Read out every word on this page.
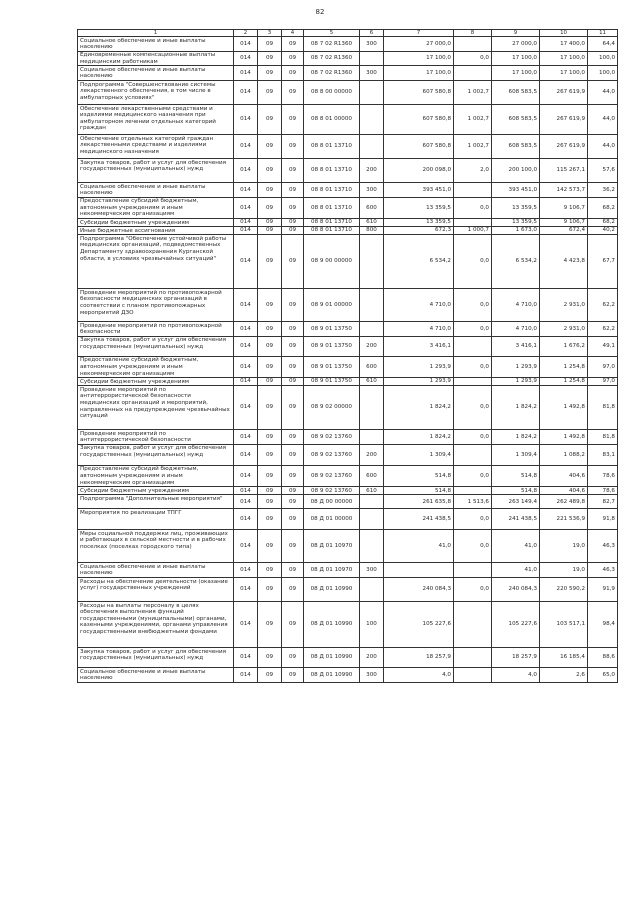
82
1	2	3	4	5	6	7	8	9	10	11
Социальное обеспечение и иные выплаты населению	014	09	09	08 7 02 R1360	300	27 000,0		27 000,0	17 400,0	64,4
Единовременные компенсационные выплаты медицинским работникам	014	09	09	08 7 02 R1360		17 100,0	0,0	17 100,0	17 100,0	100,0
Социальное обеспечение и иные выплаты населению	014	09	09	08 7 02 R1360	300	17 100,0		17 100,0	17 100,0	100,0
Подпрограмма "Совершенствование системы лекарственного обеспечения, в том числе в амбулаторных условиях"	014	09	09	08 8 00 00000		607 580,8	1 002,7	608 583,5	267 619,9	44,0
Обеспечение лекарственными средствами и изделиями медицинского назначения при амбулаторном лечении отдельных категорий граждан	014	09	09	08 8 01 00000		607 580,8	1 002,7	608 583,5	267 619,9	44,0
Обеспечение отдельных категорий граждан лекарственными средствами и изделиями медицинского назначения	014	09	09	08 8 01 13710		607 580,8	1 002,7	608 583,5	267 619,9	44,0
Закупка товаров, работ и услуг для обеспечения государственных (муниципальных) нужд	014	09	09	08 8 01 13710	200	200 098,0	2,0	200 100,0	115 267,1	57,6
Социальное обеспечение и иные выплаты населению	014	09	09	08 8 01 13710	300	393 451,0		393 451,0	142 573,7	36,2
Предоставление субсидий бюджетным, автономным учреждениям и иным некоммерческим организациям	014	09	09	08 8 01 13710	600	13 359,5	0,0	13 359,5	9 106,7	68,2
Субсидии бюджетным учреждениям	014	09	09	08 8 01 13710	610	13 359,5		13 359,5	9 106,7	68,2
Иные бюджетные ассигнования	014	09	09	08 8 01 13710	800	672,3	1 000,7	1 673,0	672,4	40,2
Подпрограмма "Обеспечение устойчивой работы медицинских организаций, подведомственных Департаменту здравоохранения Курганской области, в условиях чрезвычайных ситуаций"	014	09	09	08 9 00 00000		6 534,2	0,0	6 534,2	4 423,8	67,7
Проведение мероприятий по противопожарной безопасности медицинских организаций в соответствии с планом противопожарных мероприятий ДЗО	014	09	09	08 9 01 00000		4 710,0	0,0	4 710,0	2 931,0	62,2
Проведение мероприятий по противопожарной безопасности	014	09	09	08 9 01 13750		4 710,0	0,0	4 710,0	2 931,0	62,2
Закупка товаров, работ и услуг для обеспечения государственных (муниципальных) нужд	014	09	09	08 9 01 13750	200	3 416,1		3 416,1	1 676,2	49,1
Предоставление субсидий бюджетным, автономным учреждениям и иным некоммерческим организациям	014	09	09	08 9 01 13750	600	1 293,9	0,0	1 293,9	1 254,8	97,0
Субсидии бюджетным учреждениям	014	09	09	08 9 01 13750	610	1 293,9		1 293,9	1 254,8	97,0
Проведение мероприятий по антитеррористической безопасности медицинских организаций и мероприятий, направленных на предупреждение чрезвычайных ситуаций	014	09	09	08 9 02 00000		1 824,2	0,0	1 824,2	1 492,8	81,8
Проведение мероприятий по антитеррористической безопасности	014	09	09	08 9 02 13760		1 824,2	0,0	1 824,2	1 492,8	81,8
Закупка товаров, работ и услуг для обеспечения государственных (муниципальных) нужд	014	09	09	08 9 02 13760	200	1 309,4		1 309,4	1 088,2	83,1
Предоставление субсидий бюджетным, автономным учреждениям и иным некоммерческим организациям	014	09	09	08 9 02 13760	600	514,8	0,0	514,8	404,6	78,6
Субсидии бюджетным учреждениям	014	09	09	08 9 02 13760	610	514,8		514,8	404,6	78,6
Подпрограмма "Дополнительные мероприятия"	014	09	09	08 Д 00 00000		261 635,8	1 513,6	263 149,4	262 489,8	82,7
Мероприятия по реализации ТПГГ	014	09	09	08 Д 01 00000		241 438,5	0,0	241 438,5	221 536,9	91,8
Меры социальной поддержки лиц, проживающих и работающих в сельской местности и в рабочих поселках (поселках городского типа)	014	09	09	08 Д 01 10970		41,0	0,0	41,0	19,0	46,3
Социальное обеспечение и иные выплаты населению	014	09	09	08 Д 01 10970	300			41,0	19,0	46,3
Расходы на обеспечение деятельности (оказание услуг) государственных учреждений	014	09	09	08 Д 01 10990		240 084,3	0,0	240 084,3	220 590,2	91,9
Расходы на выплаты персоналу в целях обеспечения выполнения функций государственными (муниципальными) органами, казенными учреждениями, органами управления государственными внебюджетными фондами	014	09	09	08 Д 01 10990	100	105 227,6		105 227,6	103 517,1	98,4
Закупка товаров, работ и услуг для обеспечения государственных (муниципальных) нужд	014	09	09	08 Д 01 10990	200	18 257,9		18 257,9	16 185,4	88,6
Социальное обеспечение и иные выплаты населению	014	09	09	08 Д 01 10990	300	4,0		4,0	2,6	65,0
